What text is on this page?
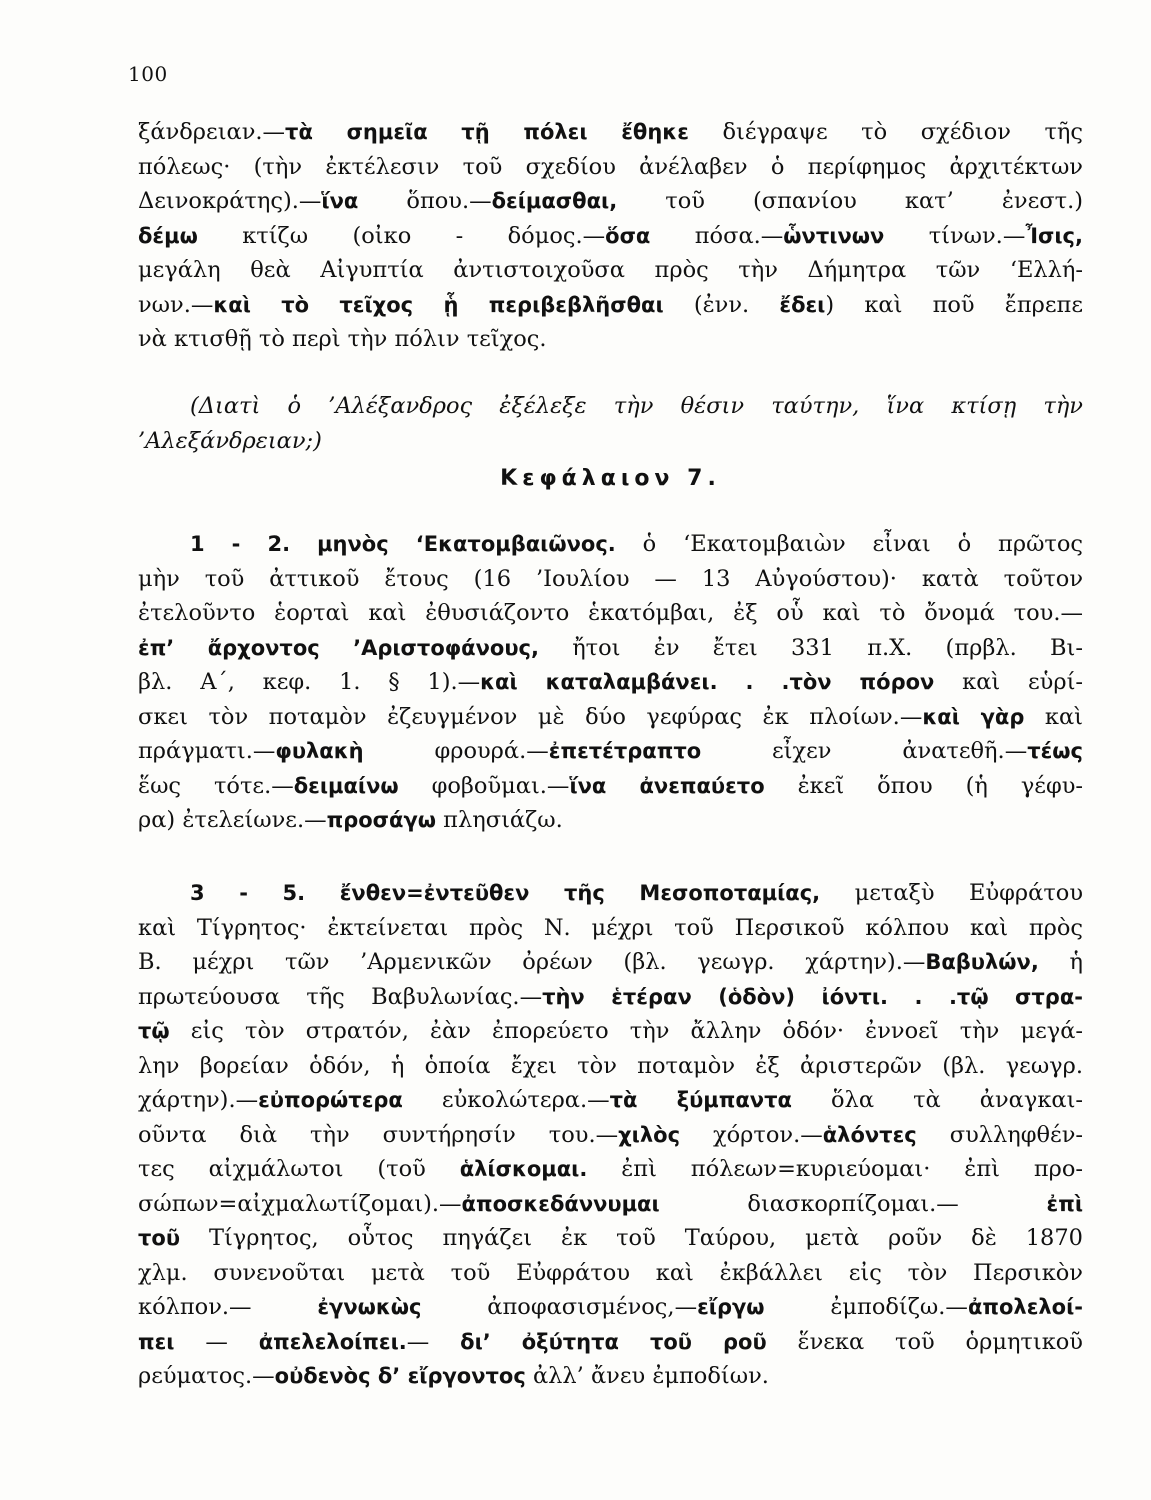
100
ξάνδρειαν.—τὰ σημεῖα τῇ πόλει ἔθηκε διέγραψε τὸ σχέδιον τῆς
πόλεως· (τὴν ἐκτέλεσιν τοῦ σχεδίου ἀνέλαβεν ὁ περίφημος ἀρχιτέκτων
Δεινοκράτης).—ἵνα ὅπου.—δείμασθαι, τοῦ (σπανίου κατ’ ἐνεστ.)
δέμω κτίζω (οἰκο - δόμος.—ὅσα πόσα.—ὧντινων τίνων.—Ἶσις,
μεγάλη θεὰ Αἰγυπτία ἀντιστοιχοῦσα πρὸς τὴν Δήμητρα τῶν ‘Ελλή-
νων.—καὶ τὸ τεῖχος ᾗ περιβεβλῆσθαι (ἐνν. ἔδει) καὶ ποῦ ἔπρεπε
νὰ κτισθῇ τὸ περὶ τὴν πόλιν τεῖχος.
(Διατὶ ὁ ’Αλέξανδρος ἐξέλεξε τὴν θέσιν ταύτην, ἵνα κτίσῃ τὴν
’Αλεξάνδρειαν;)
Κεφάλαιον 7.
1 - 2. μηνὸς ‘Εκατομβαιῶνος. ὁ ‘Εκατομβαιὼν εἶναι ὁ πρῶτος
μὴν τοῦ ἀττικοῦ ἔτους (16 ’Ιουλίου — 13 Αὐγούστου)· κατὰ τοῦτον
ἐτελοῦντο ἑορταὶ καὶ ἐθυσιάζοντο ἑκατόμβαι, ἐξ οὗ καὶ τὸ ὄνομά του.—
ἐπ’ ἄρχοντος ’Αριστοφάνους, ἤτοι ἐν ἔτει 331 π.Χ. (πρβλ. Βι-
βλ. Α΄, κεφ. 1. § 1).—καὶ καταλαμβάνει. . .τὸν πόρον καὶ εὑρί-
σκει τὸν ποταμὸν ἐζευγμένον μὲ δύο γεφύρας ἐκ πλοίων.—καὶ γὰρ καὶ
πράγματι.—φυλακὴ φρουρά.—ἐπετέτραπτο εἶχεν ἀνατεθῆ.—τέως
ἕως τότε.—δειμαίνω φοβοῦμαι.—ἵνα ἀνεπαύετο ἐκεῖ ὅπου (ἡ γέφυ-
ρα) ἐτελείωνε.—προσάγω πλησιάζω.
3 - 5. ἔνθεν=ἐντεῦθεν τῆς Μεσοποταμίας, μεταξὺ Εὐφράτου
καὶ Τίγρητος· ἐκτείνεται πρὸς Ν. μέχρι τοῦ Περσικοῦ κόλπου καὶ πρὸς
Β. μέχρι τῶν ’Αρμενικῶν ὀρέων (βλ. γεωγρ. χάρτην).—Βαβυλών, ἡ
πρωτεύουσα τῆς Βαβυλωνίας.—τὴν ἑτέραν (ὁδὸν) ἰόντι. . .τῷ στρα-
τῷ εἰς τὸν στρατόν, ἐὰν ἐπορεύετο τὴν ἄλλην ὁδόν· ἐννοεῖ τὴν μεγά-
λην βορείαν ὁδόν, ἡ ὁποία ἔχει τὸν ποταμὸν ἐξ ἀριστερῶν (βλ. γεωγρ.
χάρτην).—εὐπορώτερα εὐκολώτερα.—τὰ ξύμπαντα ὅλα τὰ ἀναγκαι-
οῦντα διὰ τὴν συντήρησίν του.—χιλὸς χόρτον.—ἁλόντες συλληφθέν-
τες αἰχμάλωτοι (τοῦ ἁλίσκομαι. ἐπὶ πόλεων=κυριεύομαι· ἐπὶ προ-
σώπων=αἰχμαλωτίζομαι).—ἀποσκεδάννυμαι διασκορπίζομαι.— ἐπὶ
τοῦ Τίγρητος, οὗτος πηγάζει ἐκ τοῦ Ταύρου, μετὰ ροῦν δὲ 1870
χλμ. συνενοῦται μετὰ τοῦ Εὐφράτου καὶ ἐκβάλλει εἰς τὸν Περσικὸν
κόλπον.— ἐγνωκὼς ἀποφασισμένος,—εἴργω ἐμποδίζω.—ἀπολελοί-
πει — ἀπελελοίπει.— δι’ ὀξύτητα τοῦ ροῦ ἕνεκα τοῦ ὁρμητικοῦ
ρεύματος.—οὐδενὸς δ’ εἴργοντος ἀλλ’ ἄνευ ἐμποδίων.
